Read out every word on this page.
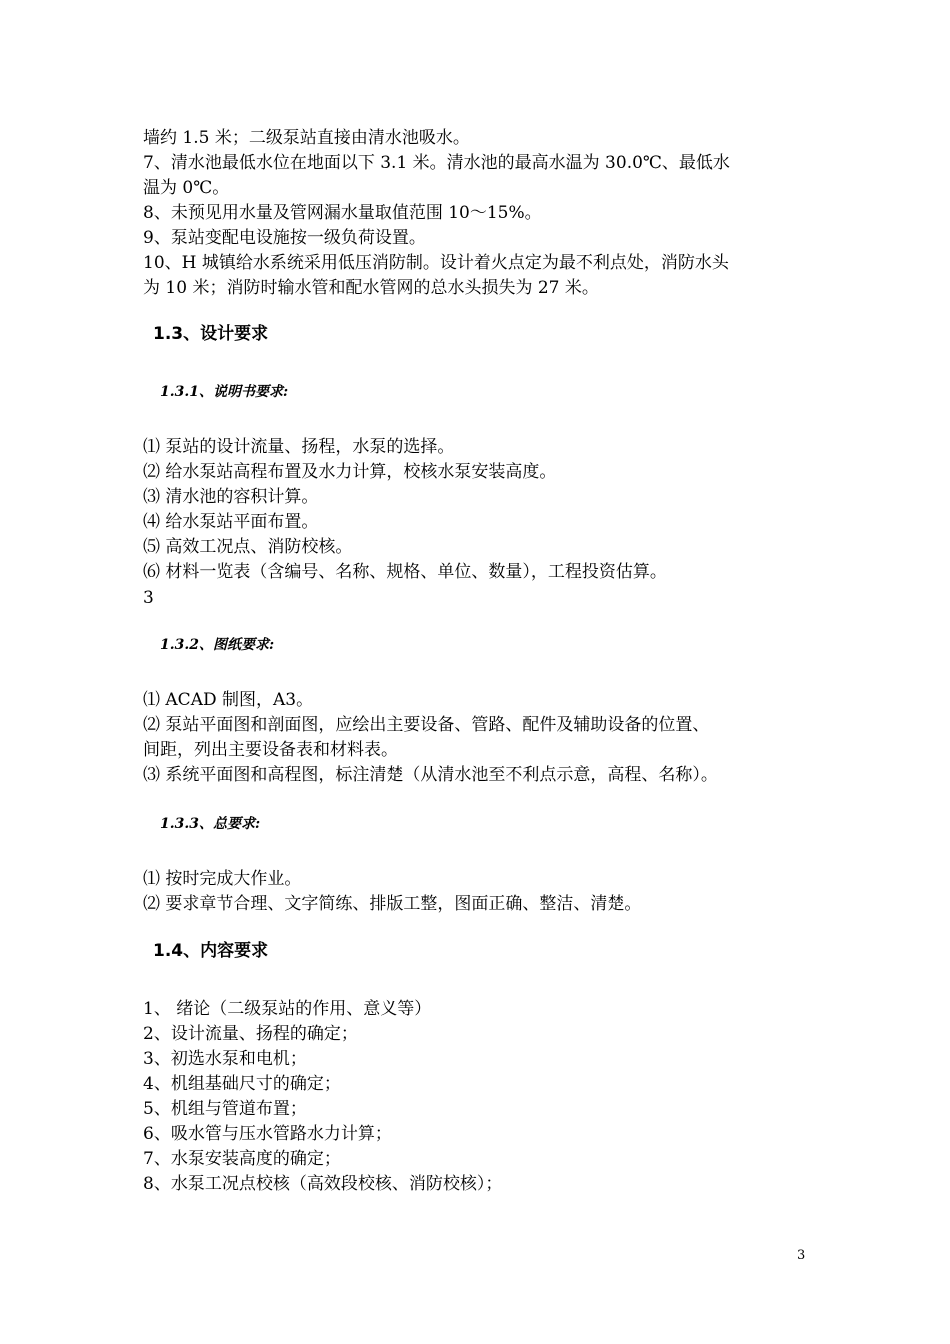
墙约 1.5 米；二级泵站直接由清水池吸水。
7、清水池最低水位在地面以下 3.1 米。清水池的最高水温为 30.0℃、最低水
温为 0℃。
8、未预见用水量及管网漏水量取值范围 10～15%。
9、泵站变配电设施按一级负荷设置。
10、H 城镇给水系统采用低压消防制。设计着火点定为最不利点处，消防水头
为 10 米；消防时输水管和配水管网的总水头损失为 27 米。
1.3、设计要求
1.3.1、说明书要求:
⑴ 泵站的设计流量、扬程，水泵的选择。
⑵ 给水泵站高程布置及水力计算，校核水泵安装高度。
⑶ 清水池的容积计算。
⑷ 给水泵站平面布置。
⑸ 高效工况点、消防校核。
⑹ 材料一览表（含编号、名称、规格、单位、数量），工程投资估算。
3
1.3.2、图纸要求:
⑴ ACAD 制图，A3。
⑵ 泵站平面图和剖面图，应绘出主要设备、管路、配件及辅助设备的位置、
间距，列出主要设备表和材料表。
⑶ 系统平面图和高程图，标注清楚（从清水池至不利点示意，高程、名称）。
1.3.3、总要求:
⑴ 按时完成大作业。
⑵ 要求章节合理、文字简练、排版工整，图面正确、整洁、清楚。
1.4、内容要求
1、 绪论（二级泵站的作用、意义等）
2、设计流量、扬程的确定；
3、初选水泵和电机；
4、机组基础尺寸的确定；
5、机组与管道布置；
6、吸水管与压水管路水力计算；
7、水泵安装高度的确定；
8、水泵工况点校核（高效段校核、消防校核）；
3
